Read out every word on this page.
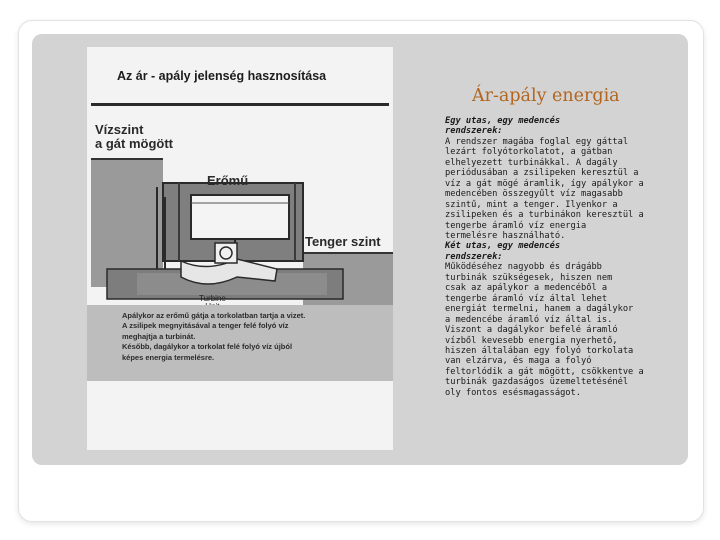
Az ár - apály jelenség hasznosítása
Vízszint
a gát mögött
Erőmű
Tenger szint
Turbine
Apálykor az erőmű gátja a torkolatban tartja a vizet.
A zsilipek megnyitásával a tenger felé folyó víz
meghajtja a turbinát.
Később, dagálykor a torkolat felé folyó víz újból
képes energia termelésre.
Ár-apály energia
Egy utas, egy medencés
rendszerek:
A rendszer magába foglal egy gáttal
lezárt folyótorkolatot, a gátban
elhelyezett turbinákkal. A dagály
periódusában a zsilipeken keresztül a
víz a gát mögé áramlik, így apálykor a
medencében összegyűlt víz magasabb
szintű, mint a tenger. Ilyenkor a
zsilipeken és a turbinákon keresztül a
tengerbe áramló víz energia
termelésre használható.
Két utas, egy medencés
rendszerek:
Működéséhez nagyobb és drágább
turbinák szükségesek, hiszen nem
csak az apálykor a medencéből a
tengerbe áramló víz által lehet
energiát termelni, hanem a dagálykor
a medencébe áramló víz által is.
Viszont a dagálykor befelé áramló
vízből kevesebb energia nyerhető,
hiszen általában egy folyó torkolata
van elzárva, és maga a folyó
feltorlódik a gát mögött, csökkentve a
turbinák gazdaságos üzemeltetésénél
oly fontos esésmagasságot.
